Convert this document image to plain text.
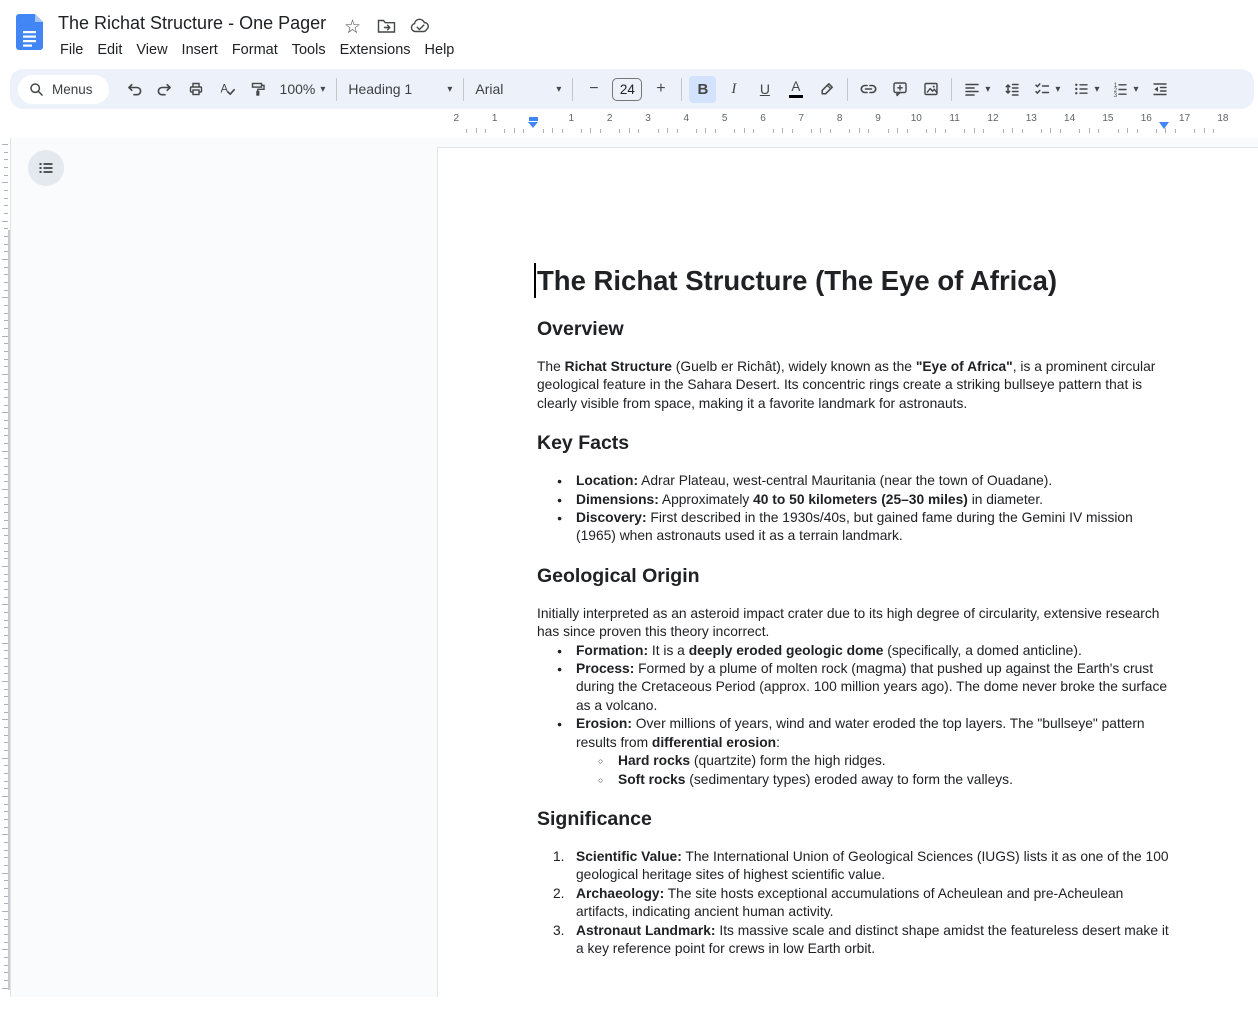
The Richat Structure - One Pager ☆
File Edit View Insert Format Tools Extensions Help
Menus	A	100% ▾ Heading 1	▾ Arial	▾	−	24	+	B	I	U	A	▾	▾	▾ 1
2
3
▾
2	1	1	2	3	4	5	6	7	8	9	10	11	12	13	14	15	16	17	18
The Richat Structure (The Eye of Africa)
Overview
The Richat Structure (Guelb er Richât), widely known as the "Eye of Africa", is a prominent circular geological feature in the Sahara Desert. Its concentric rings create a striking bullseye pattern that is clearly visible from space, making it a favorite landmark for astronauts.
Key Facts
● Location: Adrar Plateau, west-central Mauritania (near the town of Ouadane).
● Dimensions: Approximately 40 to 50 kilometers (25–30 miles) in diameter.
● Discovery: First described in the 1930s/40s, but gained fame during the Gemini IV mission (1965) when astronauts used it as a terrain landmark.
Geological Origin
Initially interpreted as an asteroid impact crater due to its high degree of circularity, extensive research has since proven this theory incorrect.
● Formation: It is a deeply eroded geologic dome (specifically, a domed anticline).
● Process: Formed by a plume of molten rock (magma) that pushed up against the Earth's crust during the Cretaceous Period (approx. 100 million years ago). The dome never broke the surface as a volcano.
● Erosion: Over millions of years, wind and water eroded the top layers. The "bullseye" pattern results from differential erosion:
○ Hard rocks (quartzite) form the high ridges.
○ Soft rocks (sedimentary types) eroded away to form the valleys.
Significance
1. Scientific Value: The International Union of Geological Sciences (IUGS) lists it as one of the 100 geological heritage sites of highest scientific value.
2. Archaeology: The site hosts exceptional accumulations of Acheulean and pre-Acheulean artifacts, indicating ancient human activity.
3. Astronaut Landmark: Its massive scale and distinct shape amidst the featureless desert make it a key reference point for crews in low Earth orbit.
